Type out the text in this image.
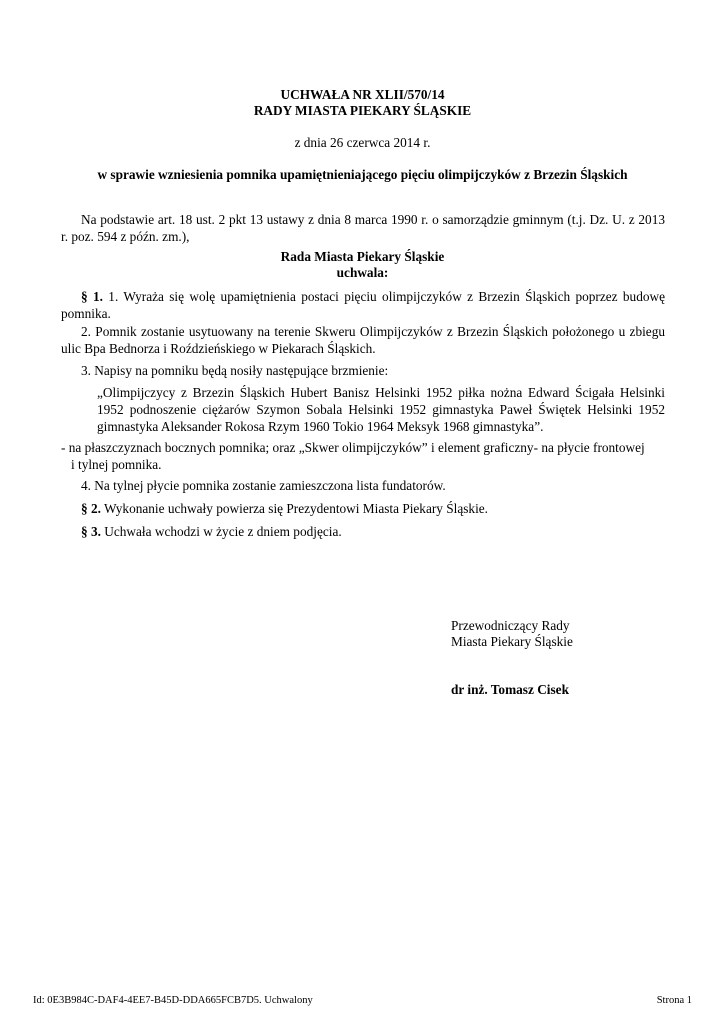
UCHWAŁA NR XLII/570/14
RADY MIASTA PIEKARY ŚLĄSKIE
z dnia 26 czerwca 2014 r.
w sprawie wzniesienia pomnika upamiętnieniającego pięciu olimpijczyków z Brzezin Śląskich
Na podstawie art. 18 ust. 2 pkt 13 ustawy z dnia 8 marca 1990 r. o samorządzie gminnym (t.j. Dz. U. z 2013 r. poz. 594 z późn. zm.),
Rada Miasta Piekary Śląskie
uchwala:
§ 1. 1. Wyraża się wolę upamiętnienia postaci pięciu olimpijczyków z Brzezin Śląskich poprzez budowę pomnika.
2. Pomnik zostanie usytuowany na terenie Skweru Olimpijczyków z Brzezin Śląskich położonego u zbiegu ulic Bpa Bednorza i Roździeńskiego w Piekarach Śląskich.
3. Napisy na pomniku będą nosiły następujące brzmienie:
„Olimpijczycy z Brzezin Śląskich Hubert Banisz Helsinki 1952 piłka nożna Edward Ścigała Helsinki 1952 podnoszenie ciężarów Szymon Sobala Helsinki 1952 gimnastyka Paweł Świętek Helsinki 1952 gimnastyka Aleksander Rokosa Rzym 1960 Tokio 1964 Meksyk 1968 gimnastyka”.
- na płaszczyznach bocznych pomnika; oraz „Skwer olimpijczyków” i element graficzny- na płycie frontowej
i tylnej pomnika.
4. Na tylnej płycie pomnika zostanie zamieszczona lista fundatorów.
§ 2. Wykonanie uchwały powierza się Prezydentowi Miasta Piekary Śląskie.
§ 3. Uchwała wchodzi w życie z dniem podjęcia.
Przewodniczący Rady
Miasta Piekary Śląskie
dr inż. Tomasz Cisek
Id: 0E3B984C-DAF4-4EE7-B45D-DDA665FCB7D5. Uchwalony	Strona 1
